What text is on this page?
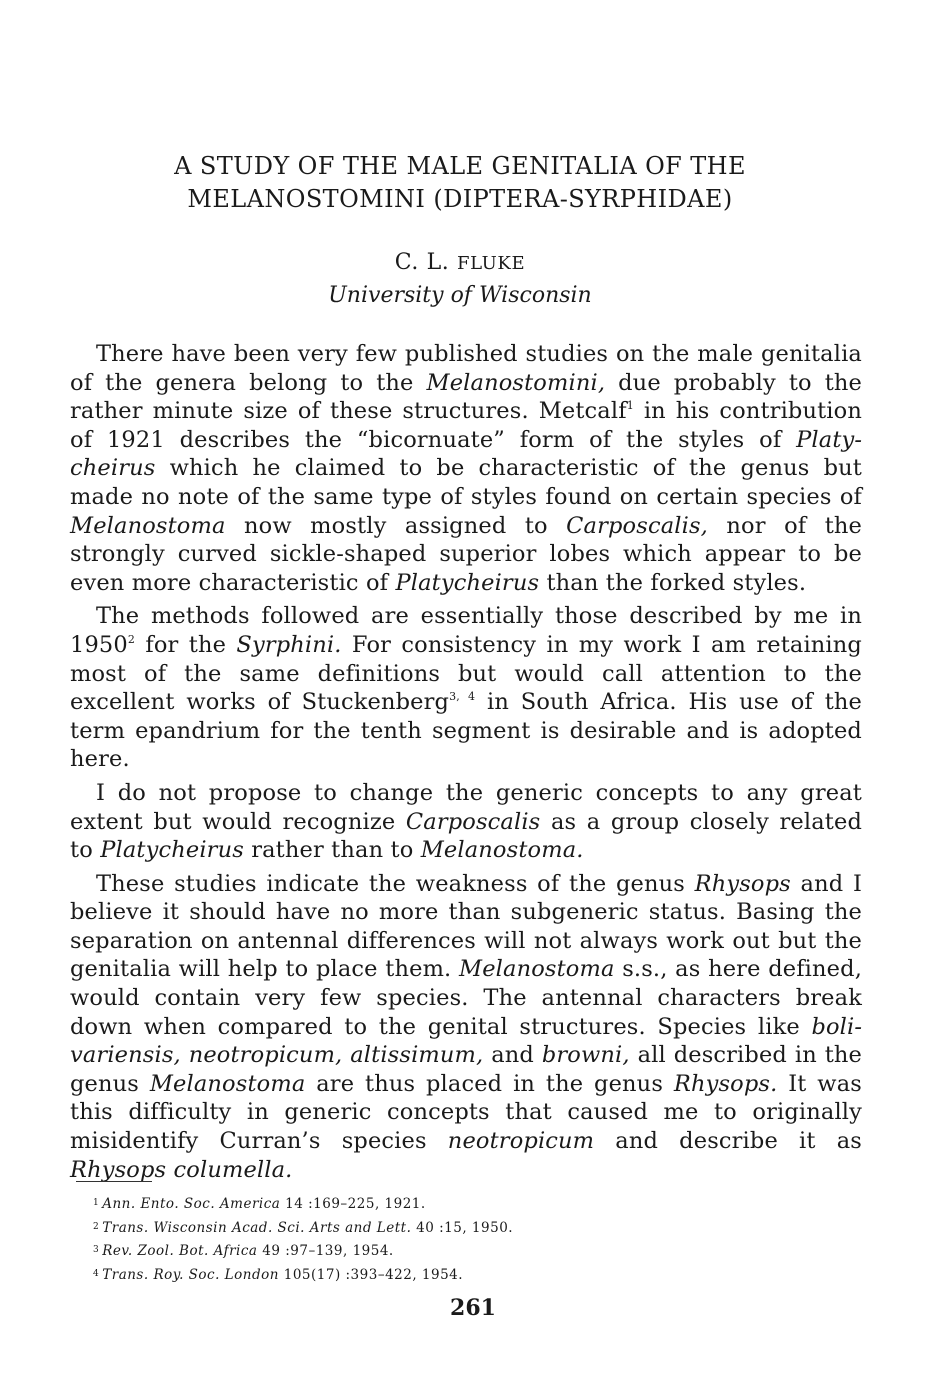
A STUDY OF THE MALE GENITALIA OF THE
MELANOSTOMINI (DIPTERA-SYRPHIDAE)
C. L. FLUKE
University of Wisconsin

There have been very few published studies on the male genitalia of the genera belong to the Melanostomini, due probably to the rather minute size of these structures. Metcalf$^1$ in his contribution of 1921 describes the “bicornuate” form of the styles of Platycheirus which he claimed to be characteristic of the genus but made no note of the same type of styles found on certain species of Melanostoma now mostly assigned to Carposcalis, nor of the strongly curved sickle-shaped superior lobes which appear to be even more characteristic of Platycheirus than the forked styles.

The methods followed are essentially those described by me in 1950$^2$ for the Syrphini. For consistency in my work I am retaining most of the same definitions but would call attention to the excellent works of Stuckenberg$^{3, 4}$ in South Africa. His use of the term epandrium for the tenth segment is desirable and is adopted here.

I do not propose to change the generic concepts to any great extent but would recognize Carposcalis as a group closely related to Platycheirus rather than to Melanostoma.

These studies indicate the weakness of the genus Rhysops and I believe it should have no more than subgeneric status. Basing the separation on antennal differences will not always work out but the genitalia will help to place them. Melanostoma s.s., as here defined, would contain very few species. The antennal characters break down when compared to the genital structures. Species like bolivariensis, neotropicum, altissimum, and browni, all described in the genus Melanostoma are thus placed in the genus Rhysops. It was this difficulty in generic concepts that caused me to originally misidentify Curran’s species neotropicum and describe it as Rhysops columella.

$^1$ Ann. Ento. Soc. America 14 :169–225, 1921.
$^2$ Trans. Wisconsin Acad. Sci. Arts and Lett. 40 :15, 1950.
$^3$ Rev. Zool. Bot. Africa 49 :97–139, 1954.
$^4$ Trans. Roy. Soc. London 105(17) :393–422, 1954.
261
